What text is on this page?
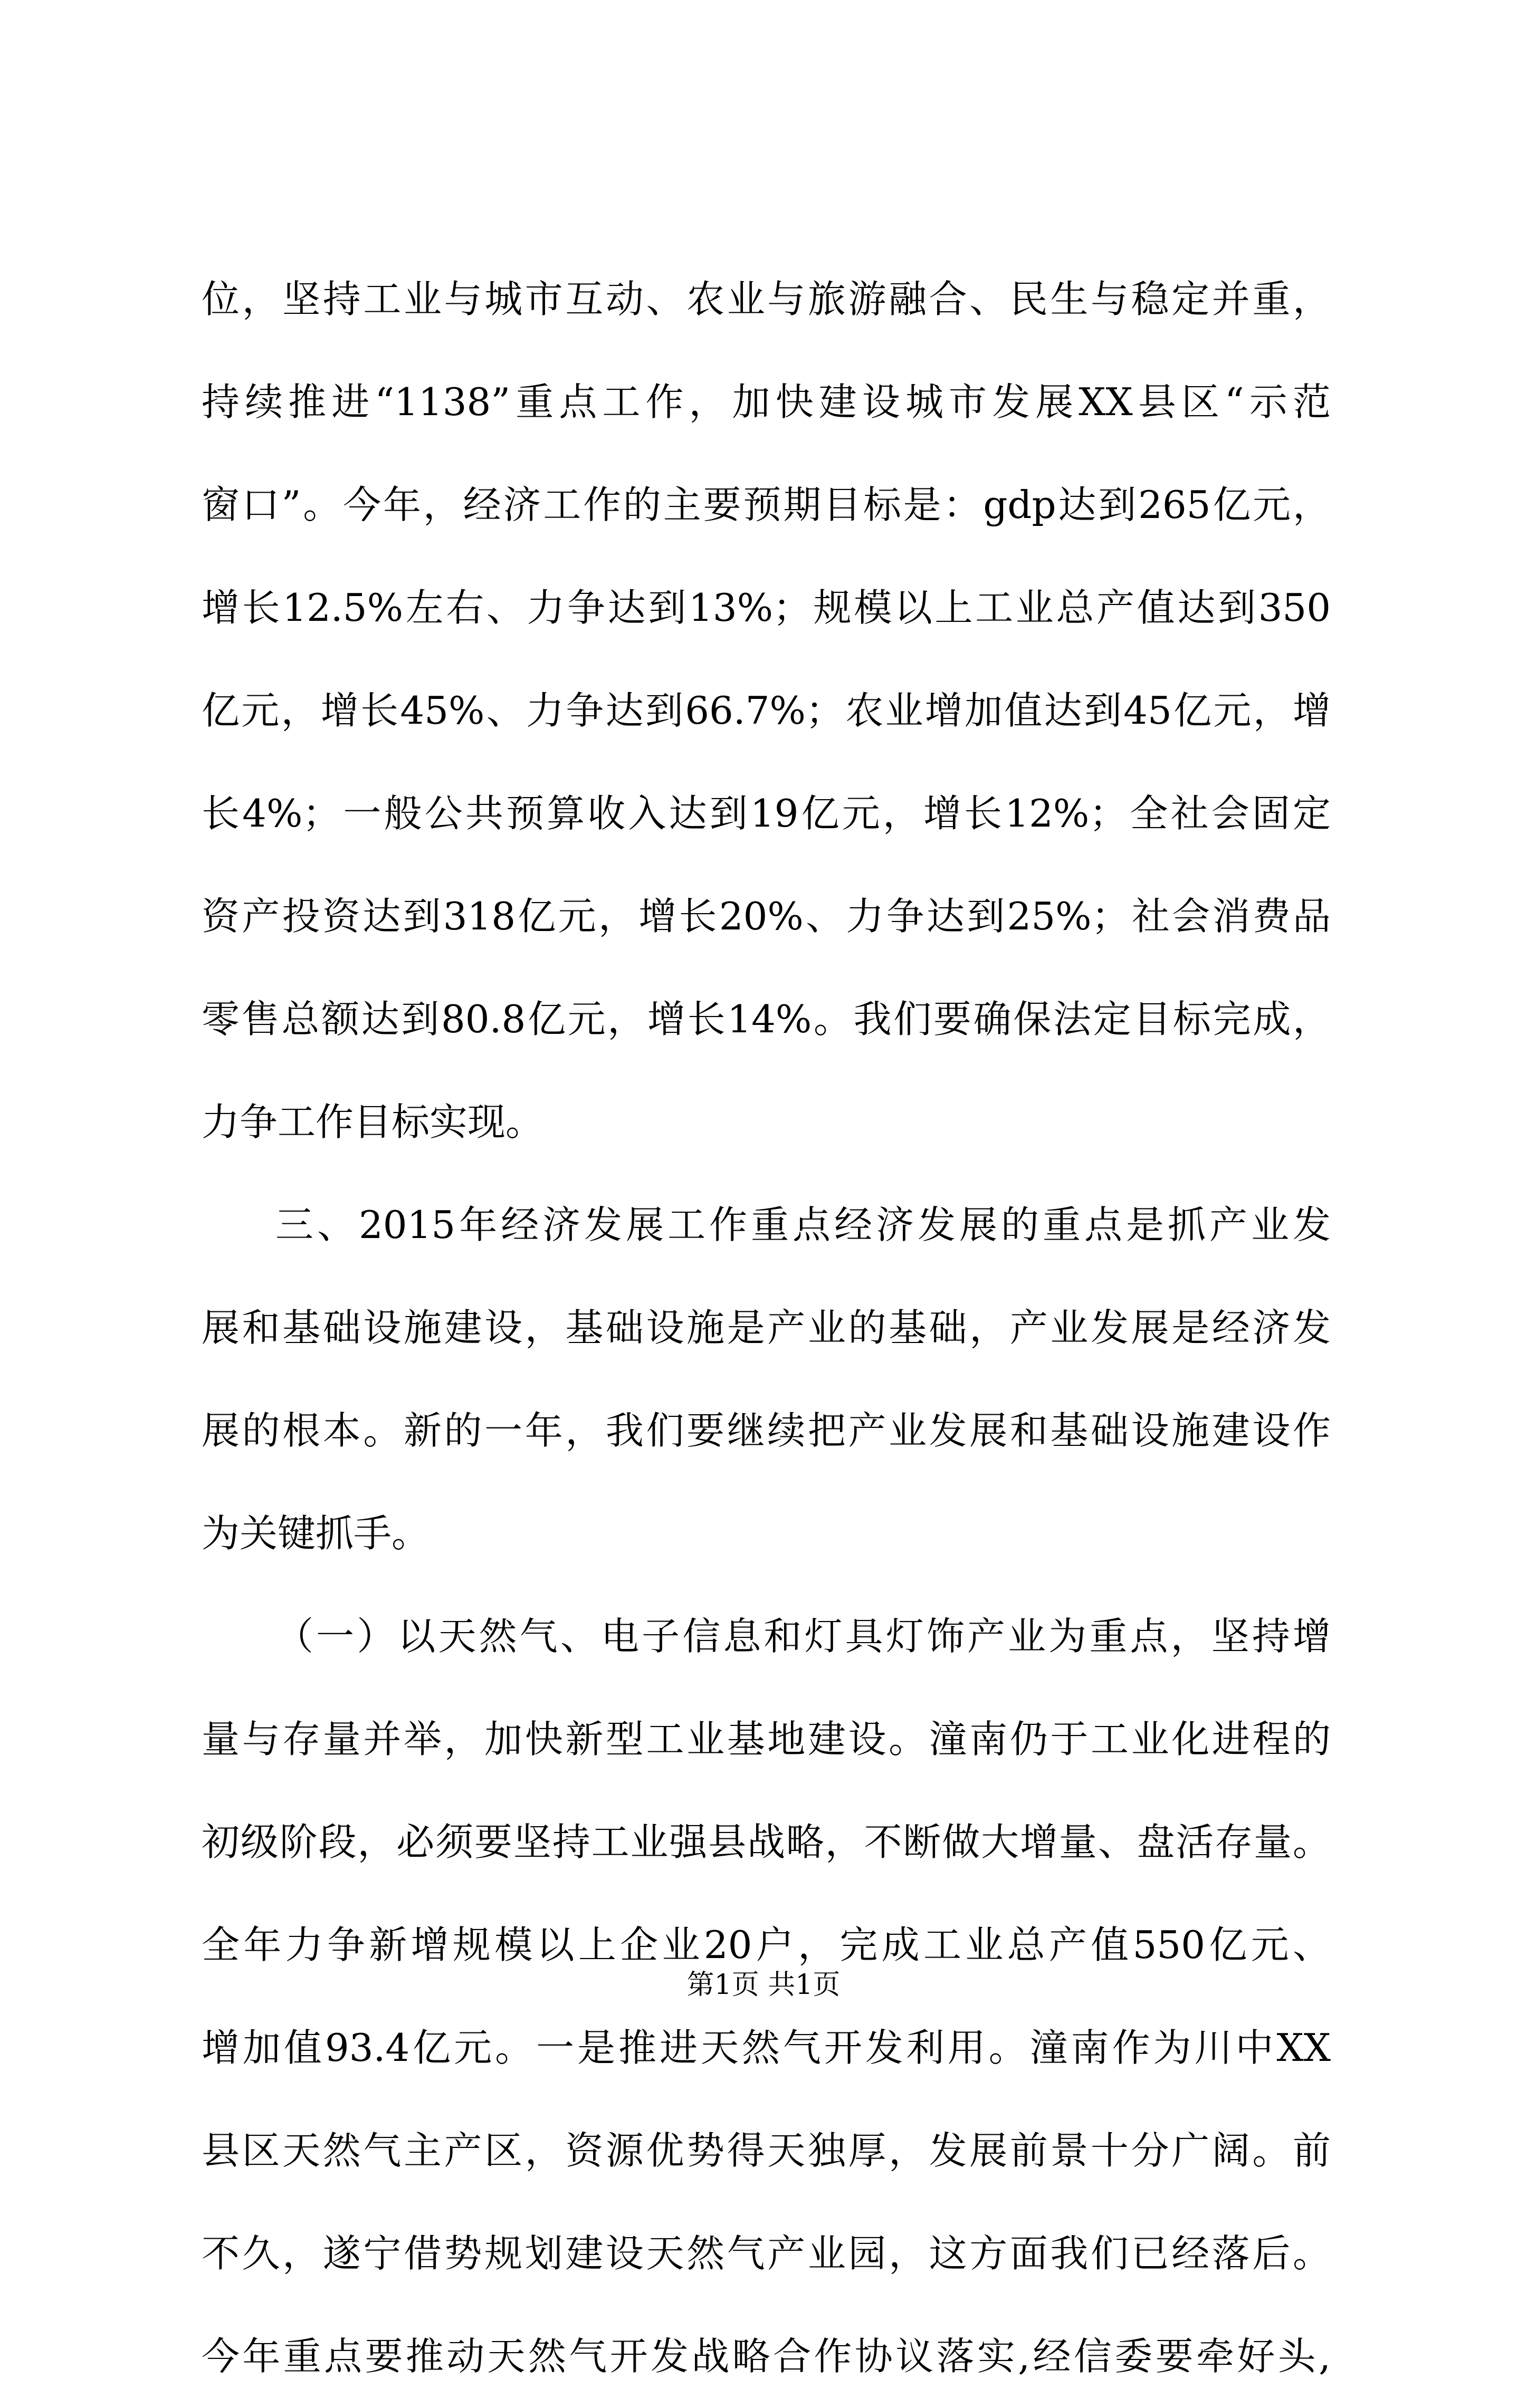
位，坚持工业与城市互动、农业与旅游融合、民生与稳定并重，
持续推进“1138”重点工作，加快建设城市发展XX县区“示范
窗口”。今年，经济工作的主要预期目标是：gdp达到265亿元，
增长12.5%左右、力争达到13%；规模以上工业总产值达到350
亿元，增长45%、力争达到66.7%；农业增加值达到45亿元，增
长4%；一般公共预算收入达到19亿元，增长12%；全社会固定
资产投资达到318亿元，增长20%、力争达到25%；社会消费品
零售总额达到80.8亿元，增长14%。我们要确保法定目标完成，
力争工作目标实现。
三、2015年经济发展工作重点经济发展的重点是抓产业发
展和基础设施建设，基础设施是产业的基础，产业发展是经济发
展的根本。新的一年，我们要继续把产业发展和基础设施建设作
为关键抓手。
（一）以天然气、电子信息和灯具灯饰产业为重点，坚持增
量与存量并举，加快新型工业基地建设。潼南仍于工业化进程的
初级阶段，必须要坚持工业强县战略，不断做大增量、盘活存量。
全年力争新增规模以上企业20户，完成工业总产值550亿元、
增加值93.4亿元。一是推进天然气开发利用。潼南作为川中XX
县区天然气主产区，资源优势得天独厚，发展前景十分广阔。前
不久，遂宁借势规划建设天然气产业园，这方面我们已经落后。
今年重点要推动天然气开发战略合作协议落实,经信委要牵好头,
第1页 共1页
